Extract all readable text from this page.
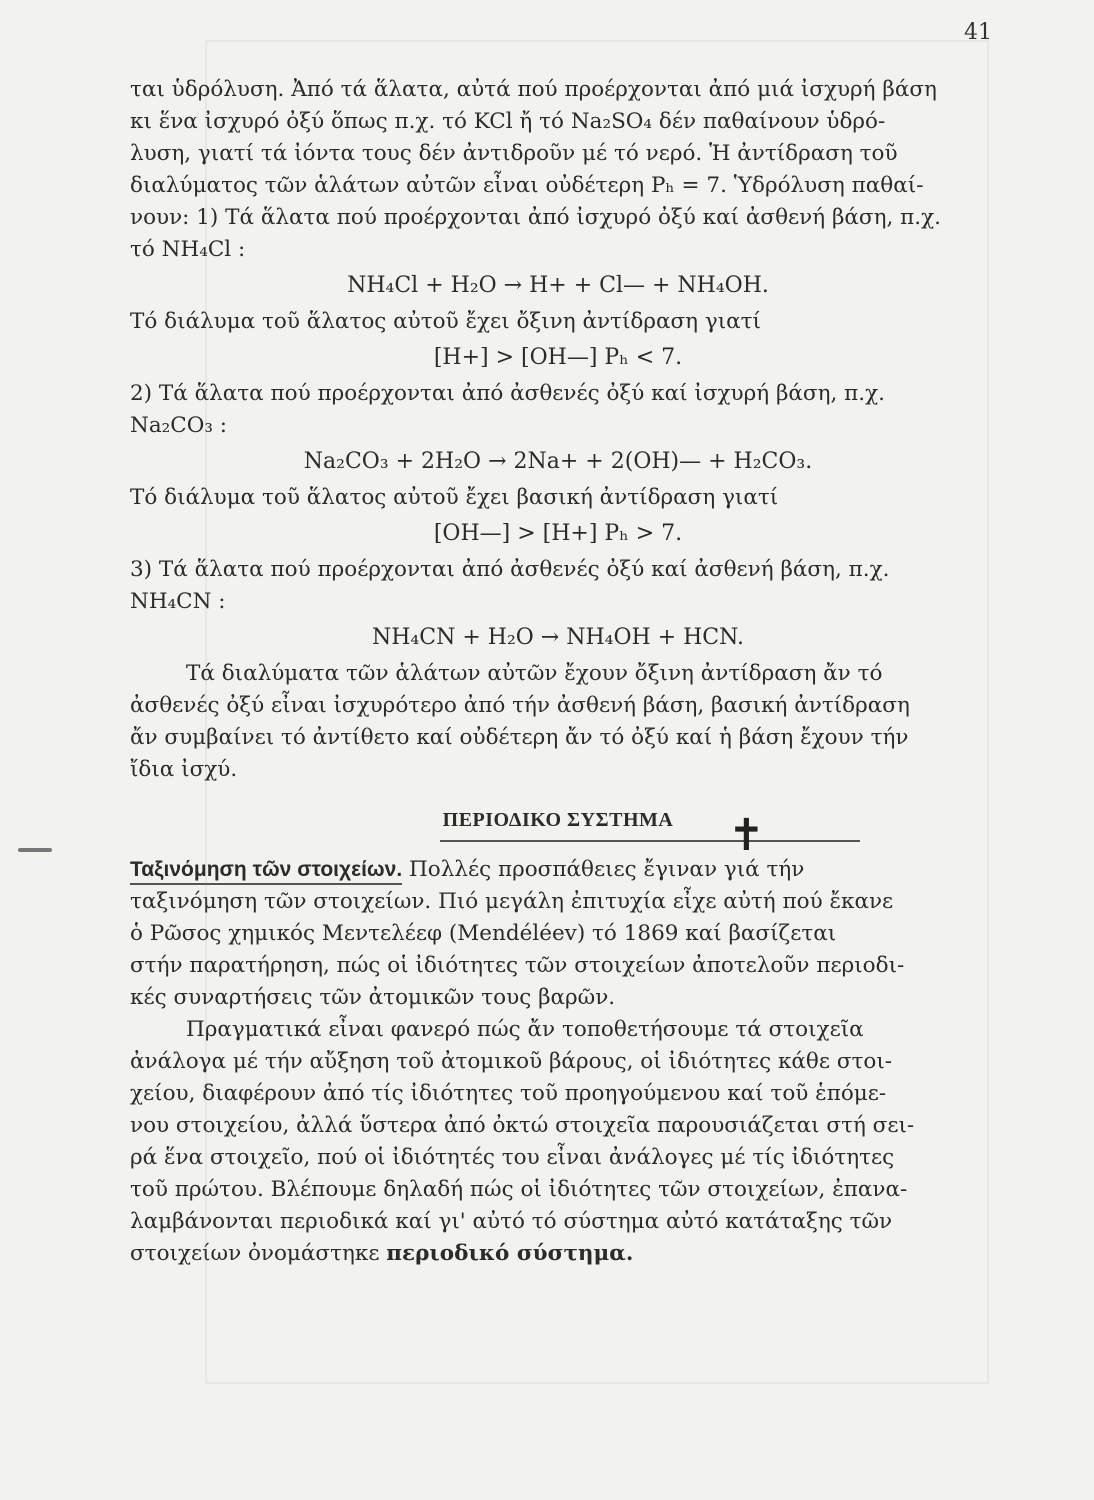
41
ται ὑδρόλυση. Ἀπό τά ἅλατα, αὐτά πού προέρχονται ἀπό μιά ἰσχυρή βάση
κι ἕνα ἰσχυρό ὀξύ ὅπως π.χ. τό KCl ἤ τό Na₂SO₄ δέν παθαίνουν ὑδρό-
λυση, γιατί τά ἰόντα τους δέν ἀντιδροῦν μέ τό νερό. Ἡ ἀντίδραση τοῦ
διαλύματος τῶν ἁλάτων αὐτῶν εἶναι οὐδέτερη Pₕ = 7. Ὑδρόλυση παθαί-
νουν: 1) Τά ἅλατα πού προέρχονται ἀπό ἰσχυρό ὀξύ καί ἀσθενή βάση, π.χ.
τό NH₄Cl :
NH₄Cl + H₂O → H+ + Cl— + NH₄OH.
Τό διάλυμα τοῦ ἅλατος αὐτοῦ ἔχει ὄξινη ἀντίδραση γιατί
[H+] > [OH—] Pₕ < 7.
2) Τά ἅλατα πού προέρχονται ἀπό ἀσθενές ὀξύ καί ἰσχυρή βάση, π.χ.
Na₂CO₃ :
Na₂CO₃ + 2H₂O → 2Na+ + 2(OH)— + H₂CO₃.
Τό διάλυμα τοῦ ἅλατος αὐτοῦ ἔχει βασική ἀντίδραση γιατί
[OH—] > [H+] Pₕ > 7.
3) Τά ἅλατα πού προέρχονται ἀπό ἀσθενές ὀξύ καί ἀσθενή βάση, π.χ.
NH₄CN :
NH₄CN + H₂O → NH₄OH + HCN.
Τά διαλύματα τῶν ἁλάτων αὐτῶν ἔχουν ὄξινη ἀντίδραση ἄν τό
ἀσθενές ὀξύ εἶναι ἰσχυρότερο ἀπό τήν ἀσθενή βάση, βασική ἀντίδραση
ἄν συμβαίνει τό ἀντίθετο καί οὐδέτερη ἄν τό ὀξύ καί ἡ βάση ἔχουν τήν
ἴδια ἰσχύ.
ΠΕΡΙΟΔΙΚΟ ΣΥΣΤΗΜΑ
Ταξινόμηση τῶν στοιχείων. Πολλές προσπάθειες ἔγιναν γιά τήν
ταξινόμηση τῶν στοιχείων. Πιό μεγάλη ἐπιτυχία εἶχε αὐτή πού ἔκανε
ὁ Ρῶσος χημικός Μεντελέεφ (Mendéléev) τό 1869 καί βασίζεται
στήν παρατήρηση, πώς οἱ ἰδιότητες τῶν στοιχείων ἀποτελοῦν περιοδι-
κές συναρτήσεις τῶν ἀτομικῶν τους βαρῶν.
Πραγματικά εἶναι φανερό πώς ἄν τοποθετήσουμε τά στοιχεῖα
ἀνάλογα μέ τήν αὔξηση τοῦ ἀτομικοῦ βάρους, οἱ ἰδιότητες κάθε στοι-
χείου, διαφέρουν ἀπό τίς ἰδιότητες τοῦ προηγούμενου καί τοῦ ἑπόμε-
νου στοιχείου, ἀλλά ὕστερα ἀπό ὀκτώ στοιχεῖα παρουσιάζεται στή σει-
ρά ἕνα στοιχεῖο, πού οἱ ἰδιότητές του εἶναι ἀνάλογες μέ τίς ἰδιότητες
τοῦ πρώτου. Βλέπουμε δηλαδή πώς οἱ ἰδιότητες τῶν στοιχείων, ἐπανα-
λαμβάνονται περιοδικά καί γι' αὐτό τό σύστημα αὐτό κατάταξης τῶν
στοιχείων ὀνομάστηκε περιοδικό σύστημα.
✝
